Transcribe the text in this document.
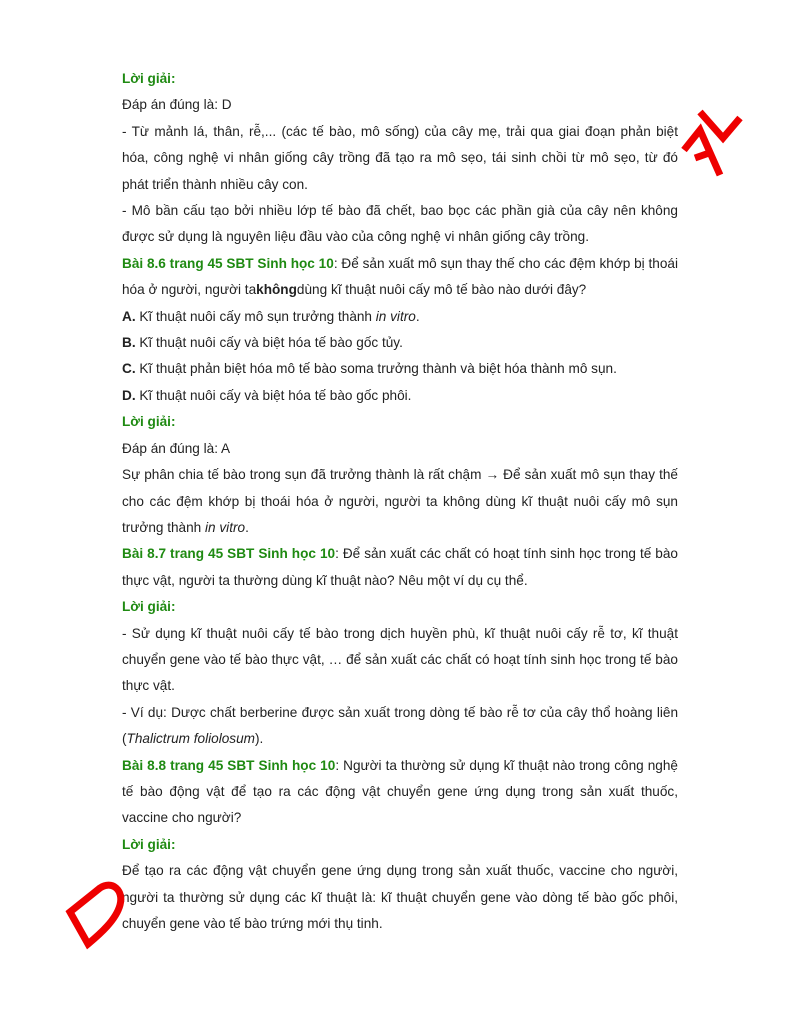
Lời giải:

Đáp án đúng là: D

- Từ mảnh lá, thân, rễ,... (các tế bào, mô sống) của cây mẹ, trải qua giai đoạn phản biệt hóa, công nghệ vi nhân giống cây trồng đã tạo ra mô sẹo, tái sinh chồi từ mô sẹo, từ đó phát triển thành nhiều cây con.

- Mô bần cấu tạo bởi nhiều lớp tế bào đã chết, bao bọc các phần già của cây nên không được sử dụng là nguyên liệu đầu vào của công nghệ vi nhân giống cây trồng.

Bài 8.6 trang 45 SBT Sinh học 10: Để sản xuất mô sụn thay thế cho các đệm khớp bị thoái hóa ở người, người takhôngdùng kĩ thuật nuôi cấy mô tế bào nào dưới đây?

A. Kĩ thuật nuôi cấy mô sụn trưởng thành in vitro.

B. Kĩ thuật nuôi cấy và biệt hóa tế bào gốc tủy.

C. Kĩ thuật phản biệt hóa mô tế bào soma trưởng thành và biệt hóa thành mô sụn.

D. Kĩ thuật nuôi cấy và biệt hóa tế bào gốc phôi.

Lời giải:

Đáp án đúng là: A

Sự phân chia tế bào trong sụn đã trưởng thành là rất chậm → Để sản xuất mô sụn thay thế cho các đệm khớp bị thoái hóa ở người, người ta không dùng kĩ thuật nuôi cấy mô sụn trưởng thành in vitro.

Bài 8.7 trang 45 SBT Sinh học 10: Để sản xuất các chất có hoạt tính sinh học trong tế bào thực vật, người ta thường dùng kĩ thuật nào? Nêu một ví dụ cụ thể.

Lời giải:

- Sử dụng kĩ thuật nuôi cấy tế bào trong dịch huyền phù, kĩ thuật nuôi cấy rễ tơ, kĩ thuật chuyển gene vào tế bào thực vật, … để sản xuất các chất có hoạt tính sinh học trong tế bào thực vật.

- Ví dụ: Dược chất berberine được sản xuất trong dòng tế bào rễ tơ của cây thổ hoàng liên (Thalictrum foliolosum).

Bài 8.8 trang 45 SBT Sinh học 10: Người ta thường sử dụng kĩ thuật nào trong công nghệ tế bào động vật để tạo ra các động vật chuyển gene ứng dụng trong sản xuất thuốc, vaccine cho người?

Lời giải:

Để tạo ra các động vật chuyển gene ứng dụng trong sản xuất thuốc, vaccine cho người, người ta thường sử dụng các kĩ thuật là: kĩ thuật chuyển gene vào dòng tế bào gốc phôi, chuyển gene vào tế bào trứng mới thụ tinh.
